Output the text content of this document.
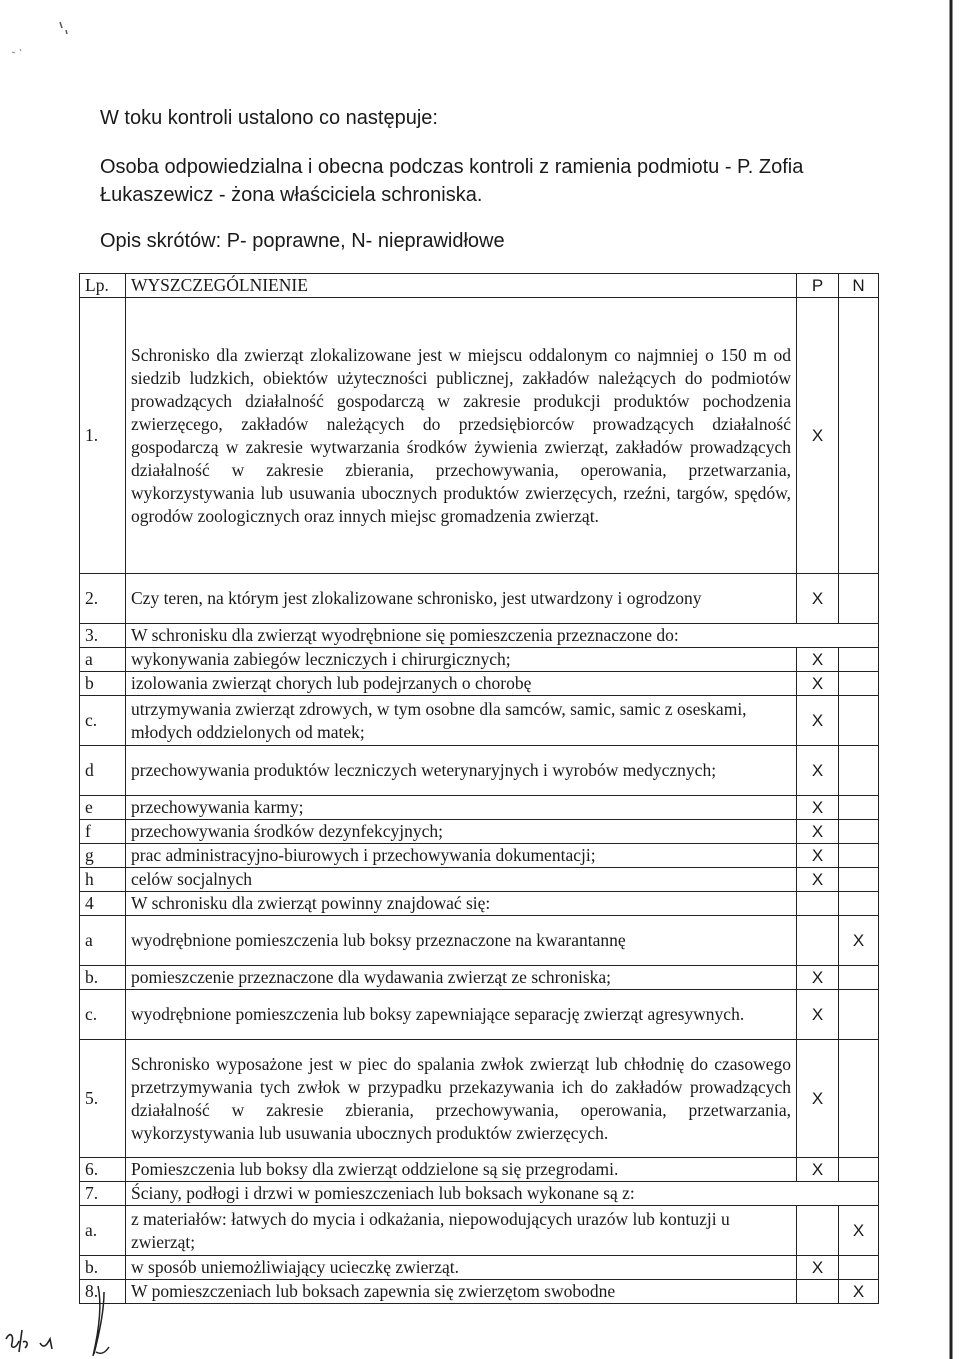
W toku kontroli ustalono co następuje:
Osoba odpowiedzialna i obecna podczas kontroli z ramienia podmiotu - P. Zofia Łukaszewicz - żona właściciela schroniska.
Opis skrótów: P- poprawne, N- nieprawidłowe
Lp.	WYSZCZEGÓLNIENIE	P	N
1.	Schronisko dla zwierząt zlokalizowane jest w miejscu oddalonym co najmniej o 150 m od siedzib ludzkich, obiektów użyteczności publicznej, zakładów należących do podmiotów prowadzących działalność gospodarczą w zakresie produkcji produktów pochodzenia zwierzęcego, zakładów należących do przedsiębiorców prowadzących działalność gospodarczą w zakresie wytwarzania środków żywienia zwierząt, zakładów prowadzących działalność w zakresie zbierania, przechowywania, operowania, przetwarzania, wykorzystywania lub usuwania ubocznych produktów zwierzęcych, rzeźni, targów, spędów, ogrodów zoologicznych oraz innych miejsc gromadzenia zwierząt.	X	
2.	Czy teren, na którym jest zlokalizowane schronisko, jest utwardzony i ogrodzony	X	
3.	W schronisku dla zwierząt wyodrębnione się pomieszczenia przeznaczone do:		
a	wykonywania zabiegów leczniczych i chirurgicznych;	X	
b	izolowania zwierząt chorych lub podejrzanych o chorobę	X	
c.	utrzymywania zwierząt zdrowych, w tym osobne dla samców, samic, samic z oseskami, młodych oddzielonych od matek;	X	
d	przechowywania produktów leczniczych weterynaryjnych i wyrobów medycznych;	X	
e	przechowywania karmy;	X	
f	przechowywania środków dezynfekcyjnych;	X	
g	prac administracyjno-biurowych i przechowywania dokumentacji;	X	
h	celów socjalnych	X	
4	W schronisku dla zwierząt powinny znajdować się:		
a	wyodrębnione pomieszczenia lub boksy przeznaczone na kwarantannę		X
b.	pomieszczenie przeznaczone dla wydawania zwierząt ze schroniska;	X	
c.	wyodrębnione pomieszczenia lub boksy zapewniające separację zwierząt agresywnych.	X	
5.	Schronisko wyposażone jest w piec do spalania zwłok zwierząt lub chłodnię do czasowego przetrzymywania tych zwłok w przypadku przekazywania ich do zakładów prowadzących działalność w zakresie zbierania, przechowywania, operowania, przetwarzania, wykorzystywania lub usuwania ubocznych produktów zwierzęcych.	X	
6.	Pomieszczenia lub boksy dla zwierząt oddzielone są się przegrodami.	X	
7.	Ściany, podłogi i drzwi w pomieszczeniach lub boksach wykonane są z:		
a.	z materiałów: łatwych do mycia i odkażania, niepowodujących urazów lub kontuzji u zwierząt;		X
b.	w sposób uniemożliwiający ucieczkę zwierząt.	X	
8.	W pomieszczeniach lub boksach zapewnia się zwierzętom swobodne		X
